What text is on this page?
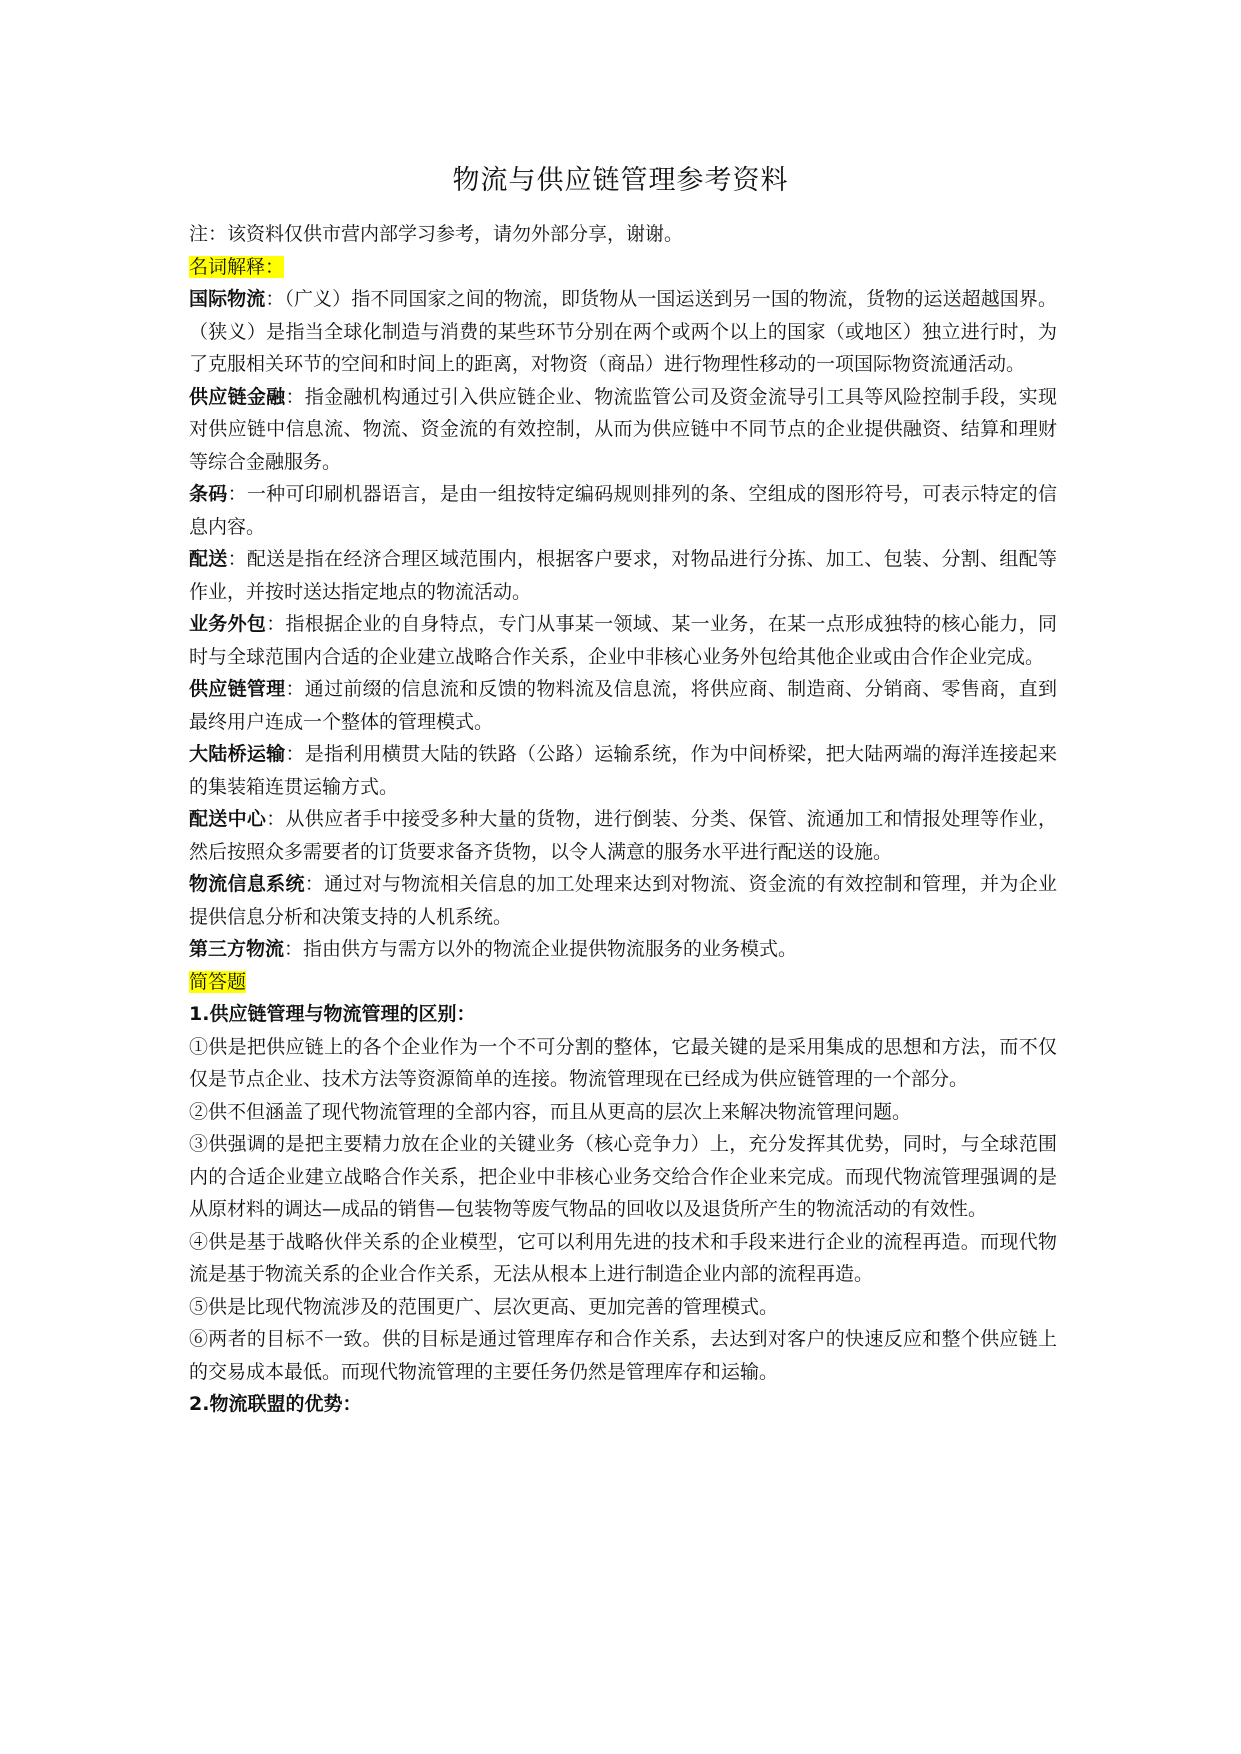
物流与供应链管理参考资料

注：该资料仅供市营内部学习参考，请勿外部分享，谢谢。

名词解释：

国际物流：（广义）指不同国家之间的物流，即货物从一国运送到另一国的物流，货物的运送超越国界。（狭义）是指当全球化制造与消费的某些环节分别在两个或两个以上的国家（或地区）独立进行时，为了克服相关环节的空间和时间上的距离，对物资（商品）进行物理性移动的一项国际物资流通活动。

供应链金融：指金融机构通过引入供应链企业、物流监管公司及资金流导引工具等风险控制手段，实现对供应链中信息流、物流、资金流的有效控制，从而为供应链中不同节点的企业提供融资、结算和理财等综合金融服务。

条码：一种可印刷机器语言，是由一组按特定编码规则排列的条、空组成的图形符号，可表示特定的信息内容。

配送：配送是指在经济合理区域范围内，根据客户要求，对物品进行分拣、加工、包装、分割、组配等作业，并按时送达指定地点的物流活动。

业务外包：指根据企业的自身特点，专门从事某一领域、某一业务，在某一点形成独特的核心能力，同时与全球范围内合适的企业建立战略合作关系，企业中非核心业务外包给其他企业或由合作企业完成。

供应链管理：通过前缀的信息流和反馈的物料流及信息流，将供应商、制造商、分销商、零售商，直到最终用户连成一个整体的管理模式。

大陆桥运输：是指利用横贯大陆的铁路（公路）运输系统，作为中间桥梁，把大陆两端的海洋连接起来的集装箱连贯运输方式。

配送中心：从供应者手中接受多种大量的货物，进行倒装、分类、保管、流通加工和情报处理等作业，然后按照众多需要者的订货要求备齐货物，以令人满意的服务水平进行配送的设施。

物流信息系统：通过对与物流相关信息的加工处理来达到对物流、资金流的有效控制和管理，并为企业提供信息分析和决策支持的人机系统。

第三方物流：指由供方与需方以外的物流企业提供物流服务的业务模式。

简答题

1.供应链管理与物流管理的区别：

①供是把供应链上的各个企业作为一个不可分割的整体，它最关键的是采用集成的思想和方法，而不仅仅是节点企业、技术方法等资源简单的连接。物流管理现在已经成为供应链管理的一个部分。

②供不但涵盖了现代物流管理的全部内容，而且从更高的层次上来解决物流管理问题。

③供强调的是把主要精力放在企业的关键业务（核心竞争力）上，充分发挥其优势，同时，与全球范围内的合适企业建立战略合作关系，把企业中非核心业务交给合作企业来完成。而现代物流管理强调的是从原材料的调达—成品的销售—包装物等废气物品的回收以及退货所产生的物流活动的有效性。

④供是基于战略伙伴关系的企业模型，它可以利用先进的技术和手段来进行企业的流程再造。而现代物流是基于物流关系的企业合作关系，无法从根本上进行制造企业内部的流程再造。

⑤供是比现代物流涉及的范围更广、层次更高、更加完善的管理模式。

⑥两者的目标不一致。供的目标是通过管理库存和合作关系，去达到对客户的快速反应和整个供应链上的交易成本最低。而现代物流管理的主要任务仍然是管理库存和运输。

2.物流联盟的优势：
